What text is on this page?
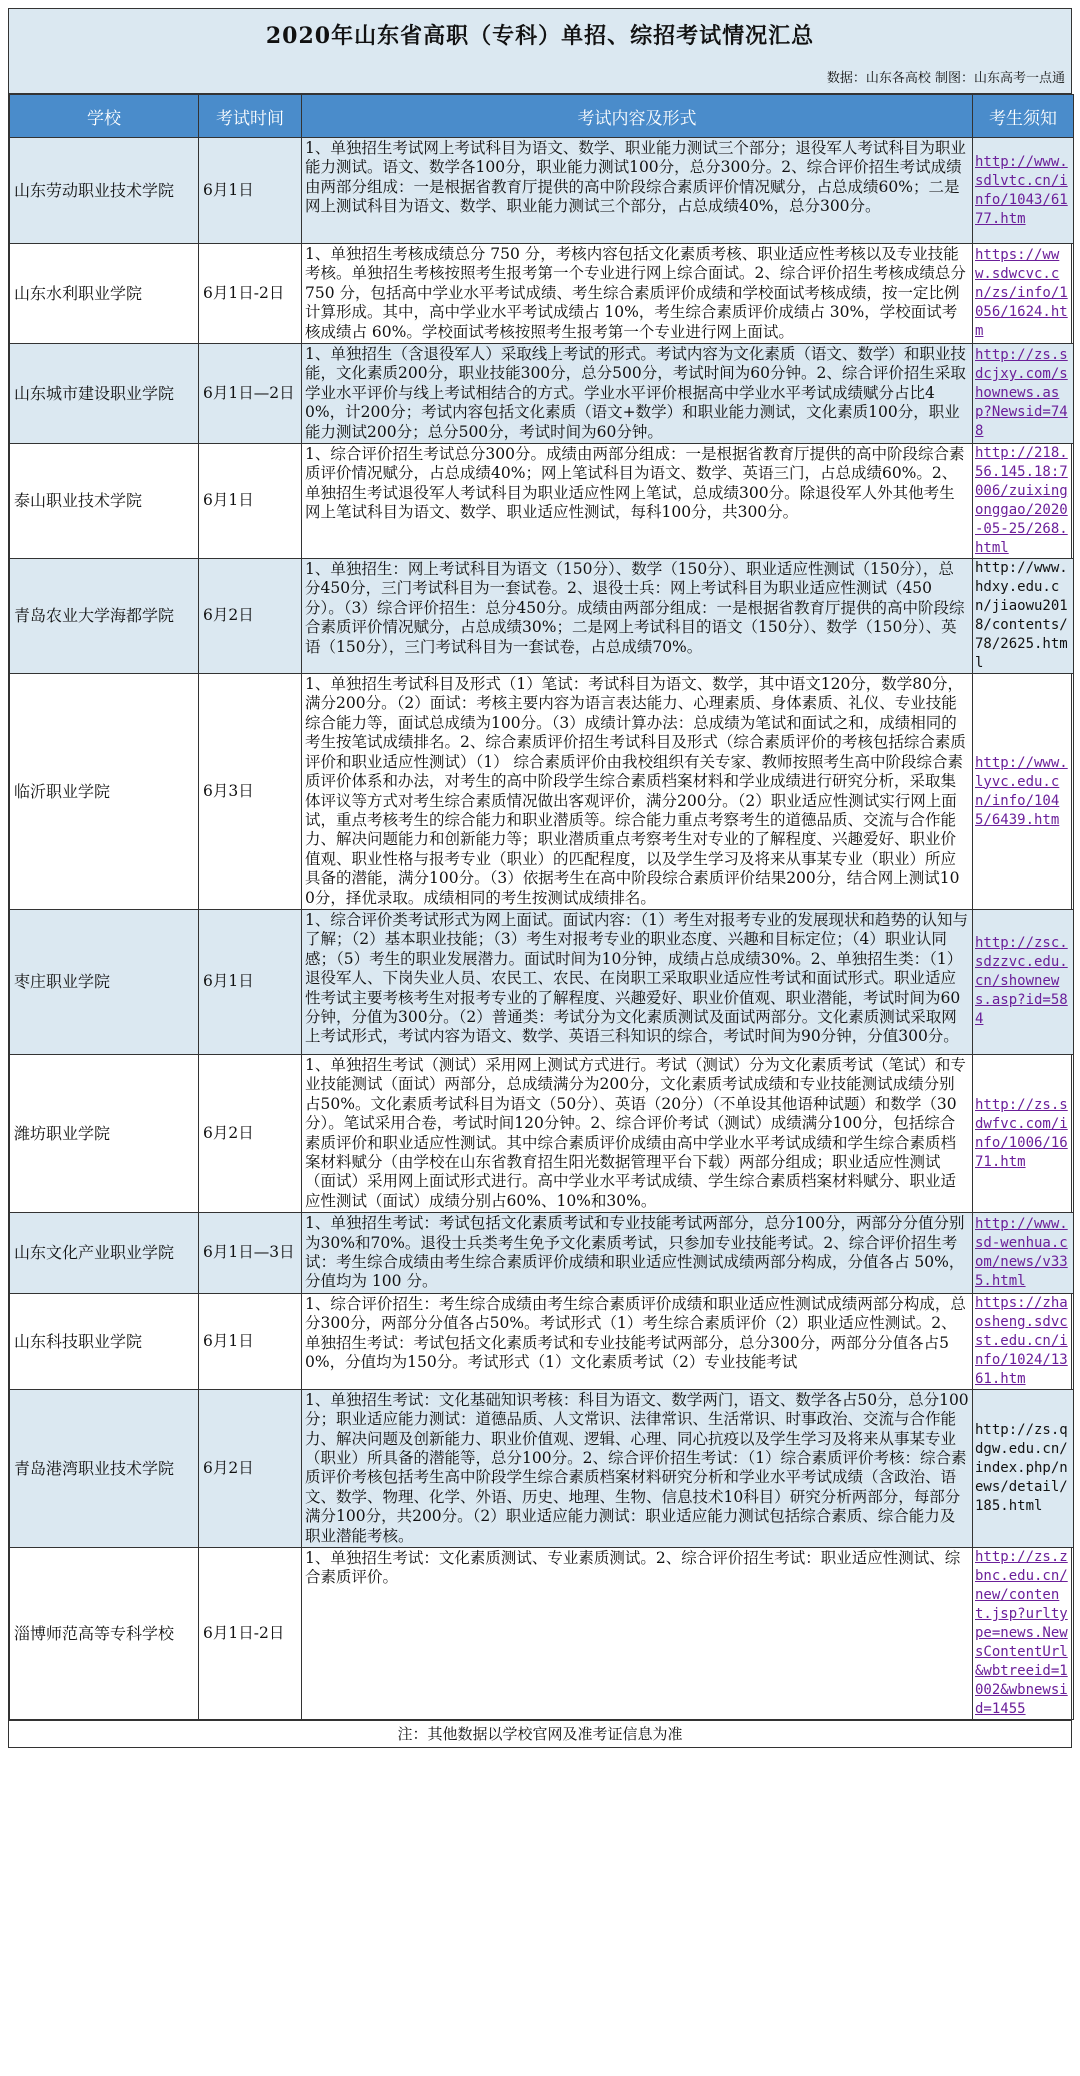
2020年山东省高职（专科）单招、综招考试情况汇总
数据：山东各高校 制图：山东高考一点通
学校	考试时间	考试内容及形式	考生须知
山东劳动职业技术学院	6月1日	1、单独招生考试网上考试科目为语文、数学、职业能力测试三个部分；退役军人考试科目为职业能力测试。语文、数学各100分，职业能力测试100分，总分300分。2、综合评价招生考试成绩由两部分组成：一是根据省教育厅提供的高中阶段综合素质评价情况赋分，占总成绩60%；二是网上测试科目为语文、数学、职业能力测试三个部分，占总成绩40%，总分300分。	http://www.sdlvtc.cn/info/1043/6177.htm
山东水利职业学院	6月1日-2日	1、单独招生考核成绩总分 750 分，考核内容包括文化素质考核、职业适应性考核以及专业技能考核。单独招生考核按照考生报考第一个专业进行网上综合面试。2、综合评价招生考核成绩总分 750 分，包括高中学业水平考试成绩、考生综合素质评价成绩和学校面试考核成绩，按一定比例计算形成。其中，高中学业水平考试成绩占 10%，考生综合素质评价成绩占 30%，学校面试考核成绩占 60%。学校面试考核按照考生报考第一个专业进行网上面试。	https://www.sdwcvc.cn/zs/info/1056/1624.htm
山东城市建设职业学院	6月1日—2日	1、单独招生（含退役军人）采取线上考试的形式。考试内容为文化素质（语文、数学）和职业技能，文化素质200分，职业技能300分，总分500分，考试时间为60分钟。2、综合评价招生采取学业水平评价与线上考试相结合的方式。学业水平评价根据高中学业水平考试成绩赋分占比40%，计200分；考试内容包括文化素质（语文+数学）和职业能力测试，文化素质100分，职业能力测试200分；总分500分，考试时间为60分钟。	http://zs.sdcjxy.com/shownews.asp?Newsid=748
泰山职业技术学院	6月1日	1、综合评价招生考试总分300分。成绩由两部分组成：一是根据省教育厅提供的高中阶段综合素质评价情况赋分，占总成绩40%；网上笔试科目为语文、数学、英语三门，占总成绩60%。2、单独招生考试退役军人考试科目为职业适应性网上笔试，总成绩300分。除退役军人外其他考生网上笔试科目为语文、数学、职业适应性测试，每科100分，共300分。	http://218.56.145.18:7006/zuixingonggao/2020-05-25/268.html
青岛农业大学海都学院	6月2日	1、单独招生：网上考试科目为语文（150分）、数学（150分）、职业适应性测试（150分），总分450分，三门考试科目为一套试卷。2、退役士兵：网上考试科目为职业适应性测试（450分）。（3）综合评价招生：总分450分。成绩由两部分组成：一是根据省教育厅提供的高中阶段综合素质评价情况赋分，占总成绩30%；二是网上考试科目的语文（150分）、数学（150分）、英语（150分），三门考试科目为一套试卷，占总成绩70%。	http://www.hdxy.edu.cn/jiaowu2018/contents/78/2625.html
临沂职业学院	6月3日	1、单独招生考试科目及形式（1）笔试：考试科目为语文、数学，其中语文120分，数学80分，满分200分。（2）面试：考核主要内容为语言表达能力、心理素质、身体素质、礼仪、专业技能综合能力等，面试总成绩为100分。（3）成绩计算办法：总成绩为笔试和面试之和，成绩相同的考生按笔试成绩排名。2、综合素质评价招生考试科目及形式（综合素质评价的考核包括综合素质评价和职业适应性测试）（1） 综合素质评价由我校组织有关专家、教师按照考生高中阶段综合素质评价体系和办法，对考生的高中阶段学生综合素质档案材料和学业成绩进行研究分析，采取集体评议等方式对考生综合素质情况做出客观评价，满分200分。（2）职业适应性测试实行网上面试，重点考核考生的综合能力和职业潜质等。综合能力重点考察考生的道德品质、交流与合作能力、解决问题能力和创新能力等；职业潜质重点考察考生对专业的了解程度、兴趣爱好、职业价值观、职业性格与报考专业（职业）的匹配程度，以及学生学习及将来从事某专业（职业）所应具备的潜能，满分100分。（3）依据考生在高中阶段综合素质评价结果200分，结合网上测试100分，择优录取。成绩相同的考生按测试成绩排名。	http://www.lyvc.edu.cn/info/1045/6439.htm
枣庄职业学院	6月1日	1、综合评价类考试形式为网上面试。面试内容：（1）考生对报考专业的发展现状和趋势的认知与了解；（2）基本职业技能；（3）考生对报考专业的职业态度、兴趣和目标定位；（4）职业认同感；（5）考生的职业发展潜力。面试时间为10分钟，成绩占总成绩30%。2、单独招生类：（1）退役军人、下岗失业人员、农民工、农民、在岗职工采取职业适应性考试和面试形式。职业适应性考试主要考核考生对报考专业的了解程度、兴趣爱好、职业价值观、职业潜能，考试时间为60分钟，分值为300分。（2）普通类：考试分为文化素质测试及面试两部分。文化素质测试采取网上考试形式，考试内容为语文、数学、英语三科知识的综合，考试时间为90分钟，分值300分。	http://zsc.sdzzvc.edu.cn/shownews.asp?id=584
潍坊职业学院	6月2日	1、单独招生考试（测试）采用网上测试方式进行。考试（测试）分为文化素质考试（笔试）和专业技能测试（面试）两部分，总成绩满分为200分，文化素质考试成绩和专业技能测试成绩分别占50%。文化素质考试科目为语文（50分）、英语（20分）（不单设其他语种试题）和数学（30分）。笔试采用合卷，考试时间120分钟。2、综合评价考试（测试）成绩满分100分，包括综合素质评价和职业适应性测试。其中综合素质评价成绩由高中学业水平考试成绩和学生综合素质档案材料赋分（由学校在山东省教育招生阳光数据管理平台下载）两部分组成；职业适应性测试（面试）采用网上面试形式进行。高中学业水平考试成绩、学生综合素质档案材料赋分、职业适应性测试（面试）成绩分别占60%、10%和30%。	http://zs.sdwfvc.com/info/1006/1671.htm
山东文化产业职业学院	6月1日—3日	1、单独招生考试：考试包括文化素质考试和专业技能考试两部分，总分100分，两部分分值分别为30%和70%。退役士兵类考生免予文化素质考试，只参加专业技能考试。2、综合评价招生考试：考生综合成绩由考生综合素质评价成绩和职业适应性测试成绩两部分构成，分值各占 50%，分值均为 100 分。	http://www.sd-wenhua.com/news/v335.html
山东科技职业学院	6月1日	1、综合评价招生：考生综合成绩由考生综合素质评价成绩和职业适应性测试成绩两部分构成，总分300分，两部分分值各占50%。考试形式（1）考生综合素质评价（2）职业适应性测试。2、单独招生考试：考试包括文化素质考试和专业技能考试两部分，总分300分，两部分分值各占50%，分值均为150分。考试形式（1）文化素质考试（2）专业技能考试	https://zhaosheng.sdvcst.edu.cn/info/1024/1361.htm
青岛港湾职业技术学院	6月2日	1、单独招生考试：文化基础知识考核：科目为语文、数学两门，语文、数学各占50分，总分100分；职业适应能力测试：道德品质、人文常识、法律常识、生活常识、时事政治、交流与合作能力、解决问题及创新能力、职业价值观、逻辑、心理、同心抗疫以及学生学习及将来从事某专业（职业）所具备的潜能等，总分100分。2、综合评价招生考试：（1）综合素质评价考核：综合素质评价考核包括考生高中阶段学生综合素质档案材料研究分析和学业水平考试成绩（含政治、语文、数学、物理、化学、外语、历史、地理、生物、信息技术10科目）研究分析两部分，每部分满分100分，共200分。（2）职业适应能力测试：职业适应能力测试包括综合素质、综合能力及职业潜能考核。	http://zs.qdgw.edu.cn/index.php/news/detail/185.html
淄博师范高等专科学校	6月1日-2日	1、单独招生考试：文化素质测试、专业素质测试。2、综合评价招生考试：职业适应性测试、综合素质评价。	http://zs.zbnc.edu.cn/new/content.jsp?urltype=news.NewsContentUrl&wbtreeid=1002&wbnewsid=1455
注：其他数据以学校官网及准考证信息为准
